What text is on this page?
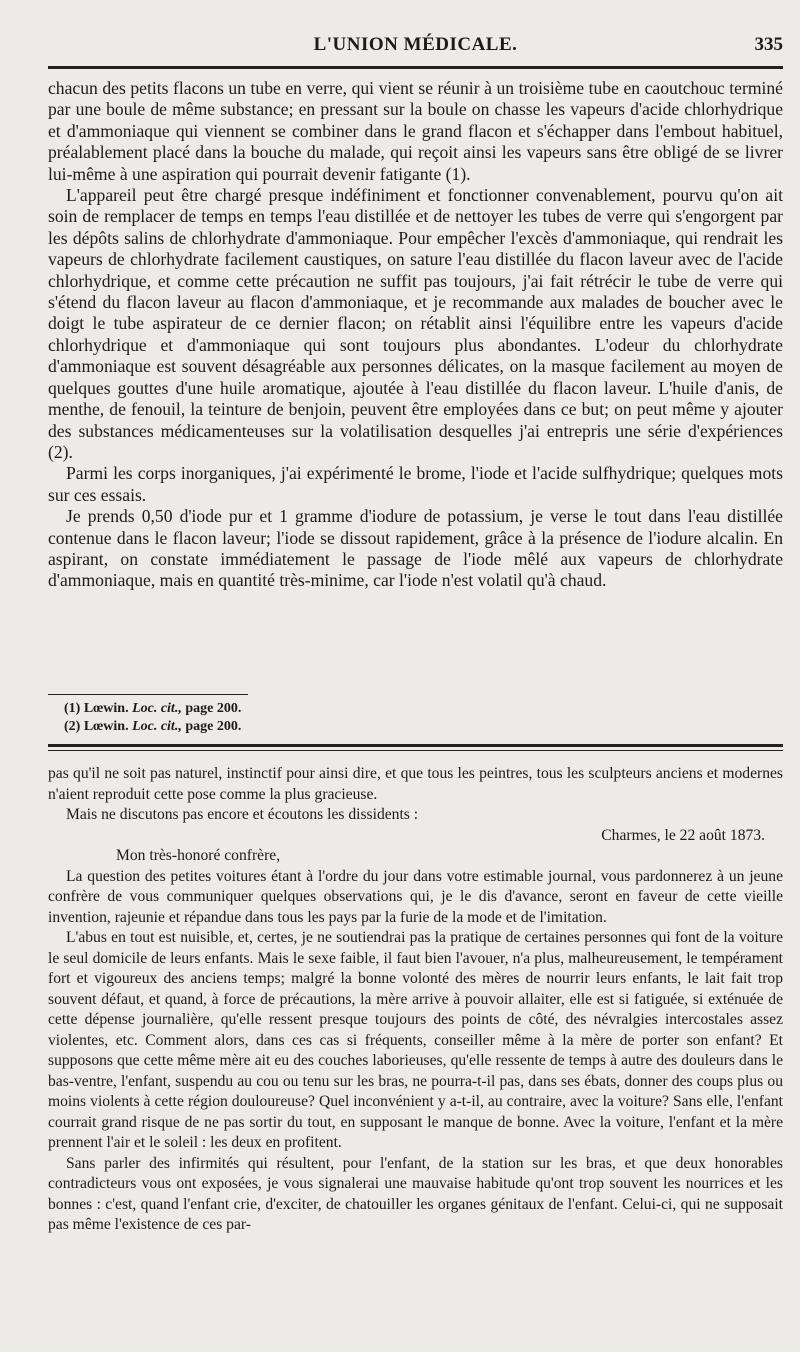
L'UNION MÉDICALE.	335

chacun des petits flacons un tube en verre, qui vient se réunir à un troisième tube en caoutchouc terminé par une boule de même substance; en pressant sur la boule on chasse les vapeurs d'acide chlorhydrique et d'ammoniaque qui viennent se combiner dans le grand flacon et s'échapper dans l'embout habituel, préalablement placé dans la bouche du malade, qui reçoit ainsi les vapeurs sans être obligé de se livrer lui-même à une aspiration qui pourrait devenir fatigante (1).

L'appareil peut être chargé presque indéfiniment et fonctionner convenablement, pourvu qu'on ait soin de remplacer de temps en temps l'eau distillée et de nettoyer les tubes de verre qui s'engorgent par les dépôts salins de chlorhydrate d'ammoniaque. Pour empêcher l'excès d'ammoniaque, qui rendrait les vapeurs de chlorhydrate facilement caustiques, on sature l'eau distillée du flacon laveur avec de l'acide chlorhydrique, et comme cette précaution ne suffit pas toujours, j'ai fait rétrécir le tube de verre qui s'étend du flacon laveur au flacon d'ammoniaque, et je recommande aux malades de boucher avec le doigt le tube aspirateur de ce dernier flacon; on rétablit ainsi l'équilibre entre les vapeurs d'acide chlorhydrique et d'ammoniaque qui sont toujours plus abondantes. L'odeur du chlorhydrate d'ammoniaque est souvent désagréable aux personnes délicates, on la masque facilement au moyen de quelques gouttes d'une huile aromatique, ajoutée à l'eau distillée du flacon laveur. L'huile d'anis, de menthe, de fenouil, la teinture de benjoin, peuvent être employées dans ce but; on peut même y ajouter des substances médicamenteuses sur la volatilisation desquelles j'ai entrepris une série d'expériences (2).

Parmi les corps inorganiques, j'ai expérimenté le brome, l'iode et l'acide sulfhydrique; quelques mots sur ces essais.

Je prends 0,50 d'iode pur et 1 gramme d'iodure de potassium, je verse le tout dans l'eau distillée contenue dans le flacon laveur; l'iode se dissout rapidement, grâce à la présence de l'iodure alcalin. En aspirant, on constate immédiatement le passage de l'iode mêlé aux vapeurs de chlorhydrate d'ammoniaque, mais en quantité très-minime, car l'iode n'est volatil qu'à chaud.

(1) Lœwin. Loc. cit., page 200.
(2) Lœwin. Loc. cit., page 200.

pas qu'il ne soit pas naturel, instinctif pour ainsi dire, et que tous les peintres, tous les sculpteurs anciens et modernes n'aient reproduit cette pose comme la plus gracieuse.

Mais ne discutons pas encore et écoutons les dissidents :

Charmes, le 22 août 1873.

Mon très-honoré confrère,

La question des petites voitures étant à l'ordre du jour dans votre estimable journal, vous pardonnerez à un jeune confrère de vous communiquer quelques observations qui, je le dis d'avance, seront en faveur de cette vieille invention, rajeunie et répandue dans tous les pays par la furie de la mode et de l'imitation.

L'abus en tout est nuisible, et, certes, je ne soutiendrai pas la pratique de certaines personnes qui font de la voiture le seul domicile de leurs enfants. Mais le sexe faible, il faut bien l'avouer, n'a plus, malheureusement, le tempérament fort et vigoureux des anciens temps; malgré la bonne volonté des mères de nourrir leurs enfants, le lait fait trop souvent défaut, et quand, à force de précautions, la mère arrive à pouvoir allaiter, elle est si fatiguée, si exténuée de cette dépense journalière, qu'elle ressent presque toujours des points de côté, des névralgies intercostales assez violentes, etc. Comment alors, dans ces cas si fréquents, conseiller même à la mère de porter son enfant? Et supposons que cette même mère ait eu des couches laborieuses, qu'elle ressente de temps à autre des douleurs dans le bas-ventre, l'enfant, suspendu au cou ou tenu sur les bras, ne pourra-t-il pas, dans ses ébats, donner des coups plus ou moins violents à cette région douloureuse? Quel inconvénient y a-t-il, au contraire, avec la voiture? Sans elle, l'enfant courrait grand risque de ne pas sortir du tout, en supposant le manque de bonne. Avec la voiture, l'enfant et la mère prennent l'air et le soleil : les deux en profitent.

Sans parler des infirmités qui résultent, pour l'enfant, de la station sur les bras, et que deux honorables contradicteurs vous ont exposées, je vous signalerai une mauvaise habitude qu'ont trop souvent les nourrices et les bonnes : c'est, quand l'enfant crie, d'exciter, de chatouiller les organes génitaux de l'enfant. Celui-ci, qui ne supposait pas même l'existence de ces par-
